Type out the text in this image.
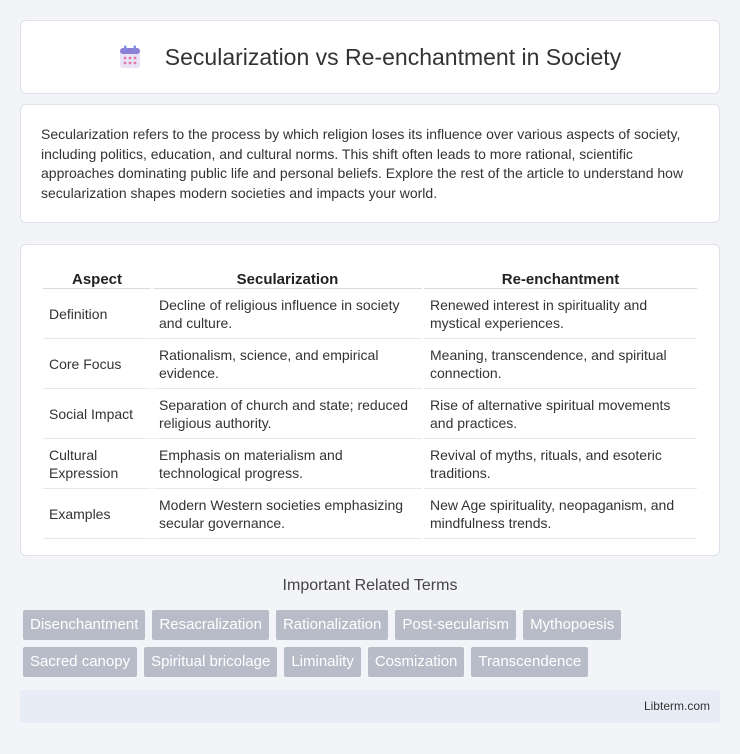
Secularization vs Re-enchantment in Society

Secularization refers to the process by which religion loses its influence over various aspects of society, including politics, education, and cultural norms. This shift often leads to more rational, scientific approaches dominating public life and personal beliefs. Explore the rest of the article to understand how secularization shapes modern societies and impacts your world.

Aspect	Secularization	Re-enchantment
Definition	Decline of religious influence in society and culture.	Renewed interest in spirituality and mystical experiences.
Core Focus	Rationalism, science, and empirical evidence.	Meaning, transcendence, and spiritual connection.
Social Impact	Separation of church and state; reduced religious authority.	Rise of alternative spiritual movements and practices.
Cultural Expression	Emphasis on materialism and technological progress.	Revival of myths, rituals, and esoteric traditions.
Examples	Modern Western societies emphasizing secular governance.	New Age spirituality, neopaganism, and mindfulness trends.
Important Related Terms
Disenchantment	Resacralization	Rationalization	Post-secularism	Mythopoesis
Sacred canopy	Spiritual bricolage	Liminality	Cosmization	Transcendence
Libterm.com
